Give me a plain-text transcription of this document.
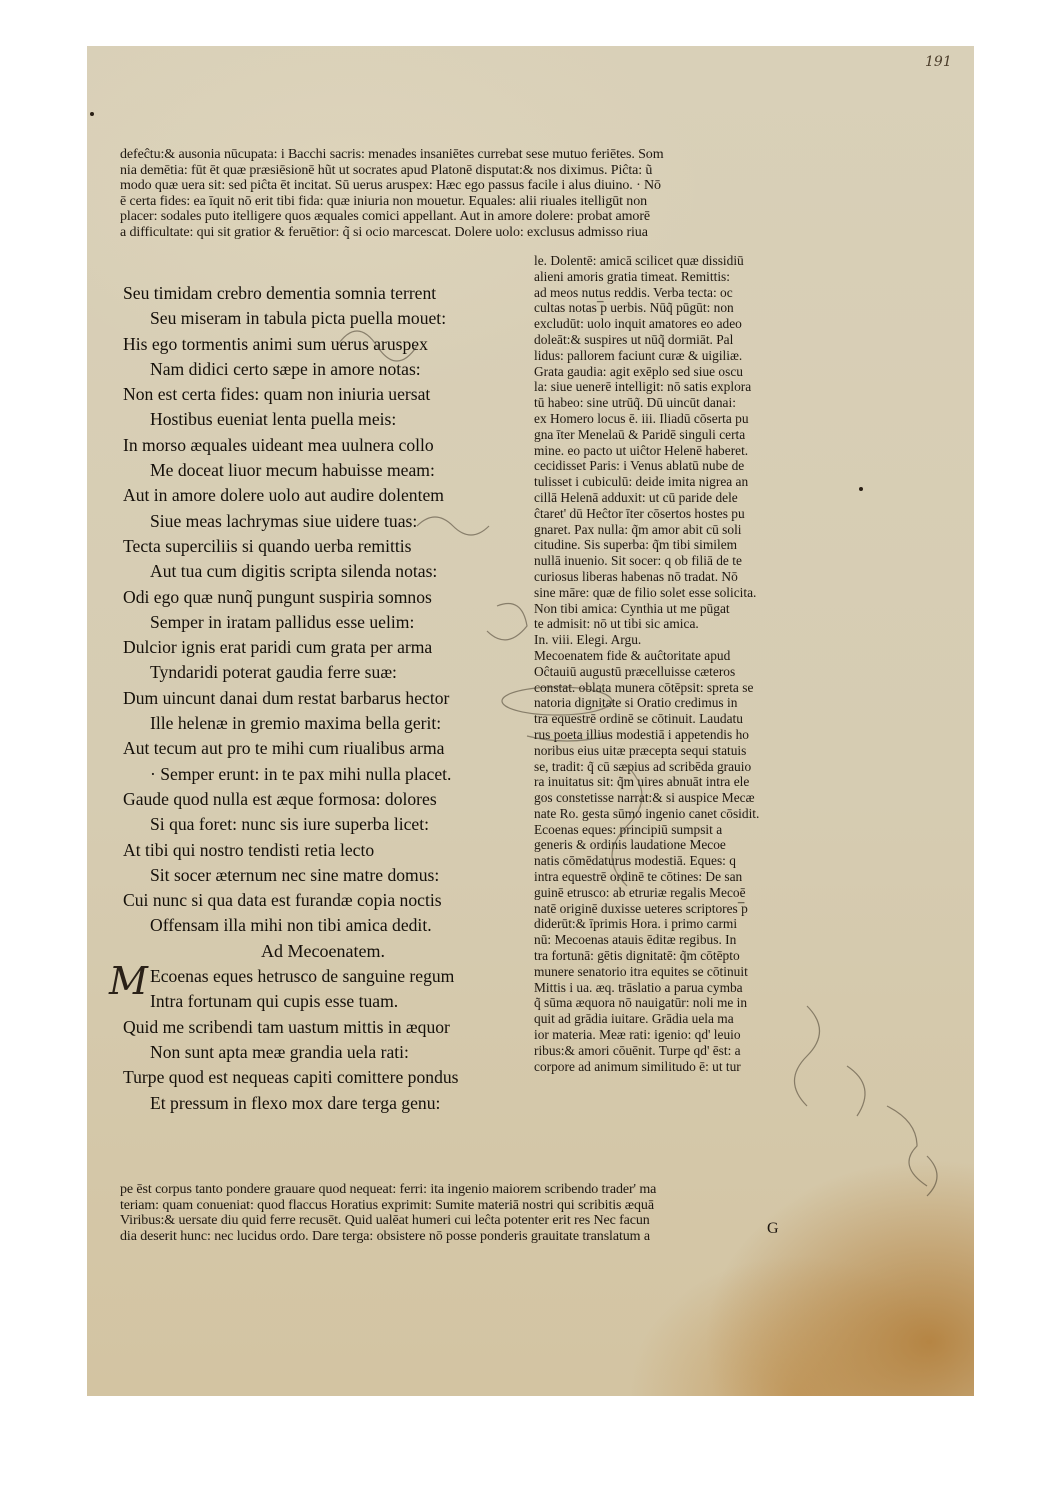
191

defeĉtu:& ausonia nūcupata: i Bacchi sacris: menades insaniētes currebat sese mutuo feriētes. Som
nia demētia: fūt ēt quæ præsiēsionē hũt ut socrates apud Platonē disputat:& nos diximus. Piĉta: ũ
modo quæ uera sit: sed piĉta ēt incitat. Sū uerus aruspex: Hæc ego passus facile i alus diuino. · Nō
ē certa fides: ea īquit nō erit tibi fida: quæ iniuria non mouetur. Equales: alii riuales itelligūt non
placer: sodales puto itelligere quos æquales comici appellant. Aut in amore dolere: probat amorē
a difficultate: qui sit gratior & feruētior: q̃ si ocio marcescat. Dolere uolo: exclusus admisso riua
Seu timidam crebro dementia somnia terrent
Seu miseram in tabula picta puella mouet:
His ego tormentis animi sum uerus aruspex
Nam didici certo sæpe in amore notas:
Non est certa fides: quam non iniuria uersat
Hostibus eueniat lenta puella meis:
In morso æquales uideant mea uulnera collo
Me doceat liuor mecum habuisse meam:
Aut in amore dolere uolo aut audire dolentem
Siue meas lachrymas siue uidere tuas:
Tecta superciliis si quando uerba remittis
Aut tua cum digitis scripta silenda notas:
Odi ego quæ nunq̃ pungunt suspiria somnos
Semper in iratam pallidus esse uelim:
Dulcior ignis erat paridi cum grata per arma
Tyndaridi poterat gaudia ferre suæ:
Dum uincunt danai dum restat barbarus hector
Ille helenæ in gremio maxima bella gerit:
Aut tecum aut pro te mihi cum riualibus arma
· Semper erunt: in te pax mihi nulla placet.
Gaude quod nulla est æque formosa: dolores
Si qua foret: nunc sis iure superba licet:
At tibi qui nostro tendisti retia lecto
Sit socer æternum nec sine matre domus:
Cui nunc si qua data est furandæ copia noctis
Offensam illa mihi non tibi amica dedit.
Ad Mecoenatem.
M Ecoenas eques hetrusco de sanguine regum
Intra fortunam qui cupis esse tuam.
Quid me scribendi tam uastum mittis in æquor
Non sunt apta meæ grandia uela rati:
Turpe quod est nequeas capiti comittere pondus
Et pressum in flexo mox dare terga genu:
le. Dolentē: amicā scilicet quæ dissidiū
alieni amoris gratia timeat. Remittis:
ad meos nutus reddis. Verba tecta: oc
cultas notas ̅p uerbis. Nūq̃ pūgūt: non
excludūt: uolo inquit amatores eo adeo
doleāt:& suspires ut nūq̃ dormiāt. Pal
lidus: pallorem faciunt curæ & uigiliæ.
Grata gaudia: agit exēplo sed siue oscu
la: siue uenerē intelligit: nō satis explora
tū habeo: sine utrūq̃. Dū uincūt danai:
ex Homero locus ē. iii. Iliadū cōserta pu
gna īter Menelaū & Paridē singuli certa
mine. eo pacto ut uiĉtor Helenē haberet.
cecidisset Paris: i Venus ablatū nube de
tulisset i cubiculū: deide imita nigrea an
cillā Helenā adduxit: ut cū paride dele
ĉtaret' dū Heĉtor īter cōsertos hostes pu
gnaret. Pax nulla: q̃m amor abit cū soli
citudine. Sis superba: q̃m tibi similem
nullā inuenio. Sit socer: q ob filiā de te
curiosus liberas habenas nō tradat. Nō
sine māre: quæ de filio solet esse solicita.
Non tibi amica: Cynthia ut me pūgat
te admisit: nō ut tibi sic amica.
In. viii. Elegi. Argu.
Mecoenatem fide & auĉtoritate apud
Oĉtauiū augustū præcelluisse cæteros
constat. oblata munera cōtēpsit: spreta se
natoria dignitate si Oratio credimus in
tra equestrē ordinē se cōtinuit. Laudatu
rus poeta illius modestiā i appetendis ho
noribus eius uitæ præcepta sequi statuis
se, tradit: q̃ cū sæpius ad scribēda grauio
ra inuitatus sit: q̃m uires abnuāt intra ele
gos constetisse narrat:& si auspice Mecæ
nate Ro. gesta sūmo ingenio canet cōsidit.
Ecoenas eques: principiū sumpsit a
generis & ordinis laudatione Mecoe
natis cōmēdaturus modestiā. Eques: q
intra equestrē ordinē te cōtines: De san
guinē etrusco: ab etruriæ regalis Mecoē
natē originē duxisse ueteres scriptores ̅p
diderūt:& īprimis Hora. i primo carmi
nū: Mecoenas atauis ēditæ regibus. In
tra fortunā: gētis dignitatē: q̃m cōtēpto
munere senatorio itra equites se cōtinuit
Mittis i ua. æq. trāslatio a parua cymba
q̃ sūma æquora nō nauigatūr: noli me in
quit ad grādia iuitare. Grādia uela ma
ior materia. Meæ rati: igenio: qd' leuio
ribus:& amori cōuēnit. Turpe qd' ēst: a
corpore ad animum similitudo ē: ut tur
pe ēst corpus tanto pondere grauare quod nequeat: ferri: ita ingenio maiorem scribendo trader' ma
teriam: quam conueniat: quod flaccus Horatius exprimit: Sumite materiā nostri qui scribitis æquā
Viribus:& uersate diu quid ferre recusēt. Quid ualēat humeri cui leĉta potenter erit res Nec facun
dia deserit hunc: nec lucidus ordo. Dare terga: obsistere nō posse ponderis grauitate translatum a	G
